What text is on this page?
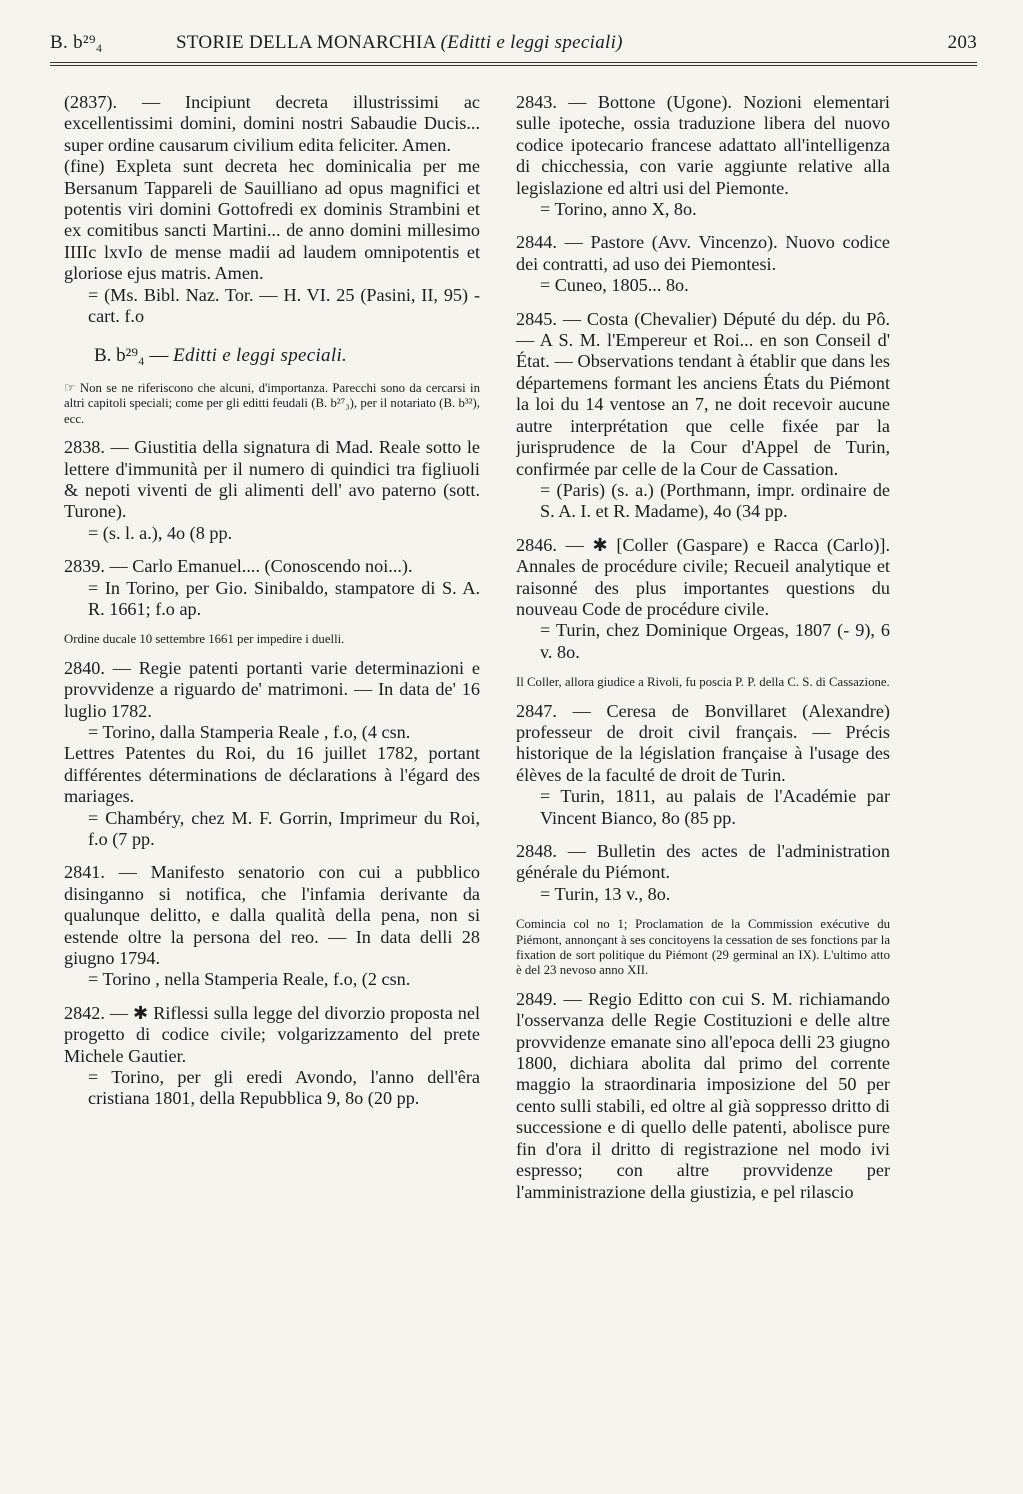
B. b²⁹₄	STORIE DELLA MONARCHIA (Editti e leggi speciali)	203

(2837). — Incipiunt decreta illustrissimi ac excellentissimi domini, domini nostri Sabaudie Ducis... super ordine causarum civilium edita feliciter. Amen.

(fine) Expleta sunt decreta hec dominicalia per me Bersanum Tappareli de Sauilliano ad opus magnifici et potentis viri domini Gottofredi ex dominis Strambini et ex comitibus sancti Martini... de anno domini millesimo IIIIc lxvIo de mense madii ad laudem omnipotentis et gloriose ejus matris. Amen.

= (Ms. Bibl. Naz. Tor. — H. VI. 25 (Pasini, II, 95) - cart. f.o

B. b²⁹₄ — Editti e leggi speciali.

☞ Non se ne riferiscono che alcuni, d'importanza. Parecchi sono da cercarsi in altri capitoli speciali; come per gli editti feudali (B. b²⁷₃), per il notariato (B. b³²), ecc.

2838. — Giustitia della signatura di Mad. Reale sotto le lettere d'immunità per il numero di quindici tra figliuoli & nepoti viventi de gli alimenti dell' avo paterno (sott. Turone).

= (s. l. a.), 4o (8 pp.

2839. — Carlo Emanuel.... (Conoscendo noi...).

= In Torino, per Gio. Sinibaldo, stampatore di S. A. R. 1661; f.o ap.

Ordine ducale 10 settembre 1661 per impedire i duelli.

2840. — Regie patenti portanti varie determinazioni e provvidenze a riguardo de' matrimoni. — In data de' 16 luglio 1782.

= Torino, dalla Stamperia Reale , f.o, (4 csn.

Lettres Patentes du Roi, du 16 juillet 1782, portant différentes déterminations de déclarations à l'égard des mariages.

= Chambéry, chez M. F. Gorrin, Imprimeur du Roi, f.o (7 pp.

2841. — Manifesto senatorio con cui a pubblico disinganno si notifica, che l'infamia derivante da qualunque delitto, e dalla qualità della pena, non si estende oltre la persona del reo. — In data delli 28 giugno 1794.

= Torino , nella Stamperia Reale, f.o, (2 csn.

2842. — ✱ Riflessi sulla legge del divorzio proposta nel progetto di codice civile; volgarizzamento del prete Michele Gautier.

= Torino, per gli eredi Avondo, l'anno dell'êra cristiana 1801, della Repubblica 9, 8o (20 pp.

2843. — Bottone (Ugone). Nozioni elementari sulle ipoteche, ossia traduzione libera del nuovo codice ipotecario francese adattato all'intelligenza di chicchessia, con varie aggiunte relative alla legislazione ed altri usi del Piemonte.

= Torino, anno X, 8o.

2844. — Pastore (Avv. Vincenzo). Nuovo codice dei contratti, ad uso dei Piemontesi.

= Cuneo, 1805... 8o.

2845. — Costa (Chevalier) Député du dép. du Pô. — A S. M. l'Empereur et Roi... en son Conseil d' État. — Observations tendant à établir que dans les départemens formant les anciens États du Piémont la loi du 14 ventose an 7, ne doit recevoir aucune autre interprétation que celle fixée par la jurisprudence de la Cour d'Appel de Turin, confirmée par celle de la Cour de Cassation.

= (Paris) (s. a.) (Porthmann, impr. ordinaire de S. A. I. et R. Madame), 4o (34 pp.

2846. — ✱ [Coller (Gaspare) e Racca (Carlo)]. Annales de procédure civile; Recueil analytique et raisonné des plus importantes questions du nouveau Code de procédure civile.

= Turin, chez Dominique Orgeas, 1807 (- 9), 6 v. 8o.

Il Coller, allora giudice a Rivoli, fu poscia P. P. della C. S. di Cassazione.

2847. — Ceresa de Bonvillaret (Alexandre) professeur de droit civil français. — Précis historique de la législation française à l'usage des élèves de la faculté de droit de Turin.

= Turin, 1811, au palais de l'Académie par Vincent Bianco, 8o (85 pp.

2848. — Bulletin des actes de l'administration générale du Piémont.

= Turin, 13 v., 8o.

Comincia col no 1; Proclamation de la Commission exécutive du Piémont, annonçant à ses concitoyens la cessation de ses fonctions par la fixation de sort politique du Piémont (29 germinal an IX). L'ultimo atto è del 23 nevoso anno XII.

2849. — Regio Editto con cui S. M. richiamando l'osservanza delle Regie Costituzioni e delle altre provvidenze emanate sino all'epoca delli 23 giugno 1800, dichiara abolita dal primo del corrente maggio la straordinaria imposizione del 50 per cento sulli stabili, ed oltre al già soppresso dritto di successione e di quello delle patenti, abolisce pure fin d'ora il dritto di registrazione nel modo ivi espresso; con altre provvidenze per l'amministrazione della giustizia, e pel rilascio
